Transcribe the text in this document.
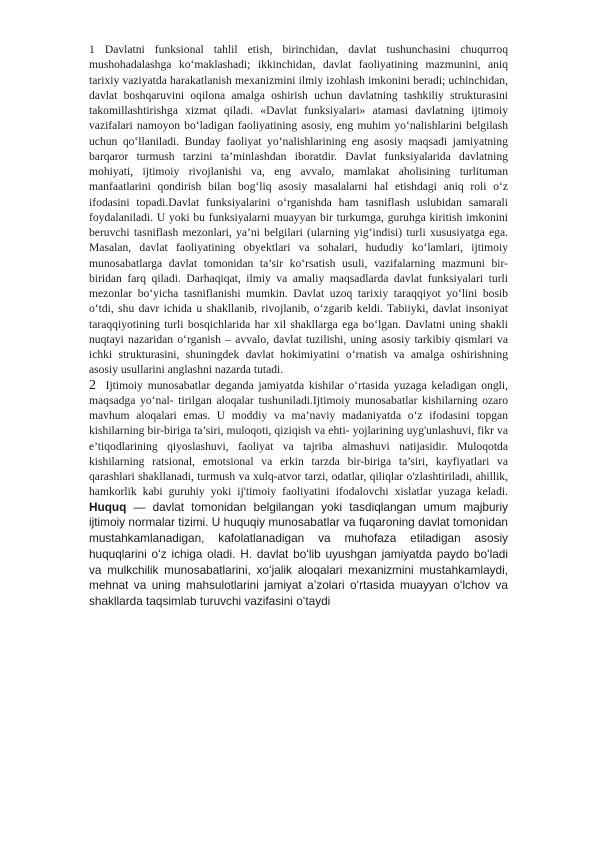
1 Davlatni funksional tahlil etish, birinchidan, davlat tushunchasini chuqurroq mushohadalashga ko‘maklashadi; ikkinchidan, davlat faoliyatining mazmunini, aniq tarixiy vaziyatda harakatlanish mexanizmini ilmiy izohlash imkonini beradi; uchinchidan, davlat boshqaruvini oqilona amalga oshirish uchun davlatning tashkiliy strukturasini takomillashtirishga xizmat qiladi. «Davlat funksiyalari» atamasi davlatning ijtimoiy vazifalari namoyon bo‘ladigan faoliyatining asosiy, eng muhim yo‘nalishlarini belgilash uchun qo‘llaniladi. Bunday faoliyat yo‘nalishlarining eng asosiy maqsadi jamiyatning barqaror turmush tarzini ta’minlashdan iboratdir. Davlat funksiyalarida davlatning mohiyati, ijtimoiy rivojlanishi va, eng avvalo, mamlakat aholisining turlituman manfaatlarini qondirish bilan bog‘liq asosiy masalalarni hal etishdagi aniq roli o‘z ifodasini topadi.Davlat funksiyalarini o‘rganishda ham tasniflash uslubidan samarali foydalaniladi. U yoki bu funksiyalarni muayyan bir turkumga, guruhga kiritish imkonini beruvchi tasniflash mezonlari, ya’ni belgilari (ularning yig‘indisi) turli xususiyatga ega. Masalan, davlat faoliyatining obyektlari va sohalari, hududiy ko‘lamlari, ijtimoiy munosabatlarga davlat tomonidan ta’sir ko‘rsatish usuli, vazifalarning mazmuni bir-biridan farq qiladi. Darhaqiqat, ilmiy va amaliy maqsadlarda davlat funksiyalari turli mezonlar bo‘yicha tasniflanishi mumkin. Davlat uzoq tarixiy taraqqiyot yo‘lini bosib o‘tdi, shu davr ichida u shakllanib, rivojlanib, o‘zgarib keldi. Tabiiyki, davlat insoniyat taraqqiyotining turli bosqichlarida har xil shakllarga ega bo‘lgan. Davlatni uning shakli nuqtayi nazaridan o‘rganish – avvalo, davlat tuzilishi, uning asosiy tarkibiy qismlari va ichki strukturasini, shuningdek davlat hokimiyatini o‘rnatish va amalga oshirishning asosiy usullarini anglashni nazarda tutadi.

2 Ijtimoiy munosabatlar deganda jamiyatda kishilar o‘rtasida yuzaga keladigan ongli, maqsadga yo‘nal- tirilgan aloqalar tushuniladi.Ijtimoiy munosabatlar kishilarning ozaro mavhum aloqalari emas. U moddiy va ma’naviy madaniyatda o‘z ifodasini topgan kishilarning bir-biriga ta’siri, muloqoti, qiziqish va ehti- yojlarining uyg'unlashuvi, fikr va e’tiqodlarining qiyoslashuvi, faoliyat va tajriba almashuvi natijasidir. Muloqotda kishilarning ratsional, emotsional va erkin tarzda bir-biriga ta’siri, kayfiyatlari va qarashlari shakllanadi, turmush va xulq-atvor tarzi, odatlar, qiliqlar o'zlashtiriladi, ahillik, hamkorlik kabi guruhiy yoki ij'timoiy faoliyatini ifodalovchi xislatlar yuzaga keladi. Huquq — davlat tomonidan belgilangan yoki tasdiqlangan umum majburiy ijtimoiy normalar tizimi. U huquqiy munosabatlar va fuqaroning davlat tomonidan mustahkamlanadigan, kafolatlanadigan va muhofaza etiladigan asosiy huquqlarini oʻz ichiga oladi. H. davlat boʻlib uyushgan jamiyatda paydo boʻladi va mulkchilik munosabatlarini, xoʻjalik aloqalari mexanizmini mustahkamlaydi, mehnat va uning mahsulotlarini jamiyat aʼzolari oʻrtasida muayyan oʻlchov va shakllarda taqsimlab turuvchi vazifasini oʻtaydi
